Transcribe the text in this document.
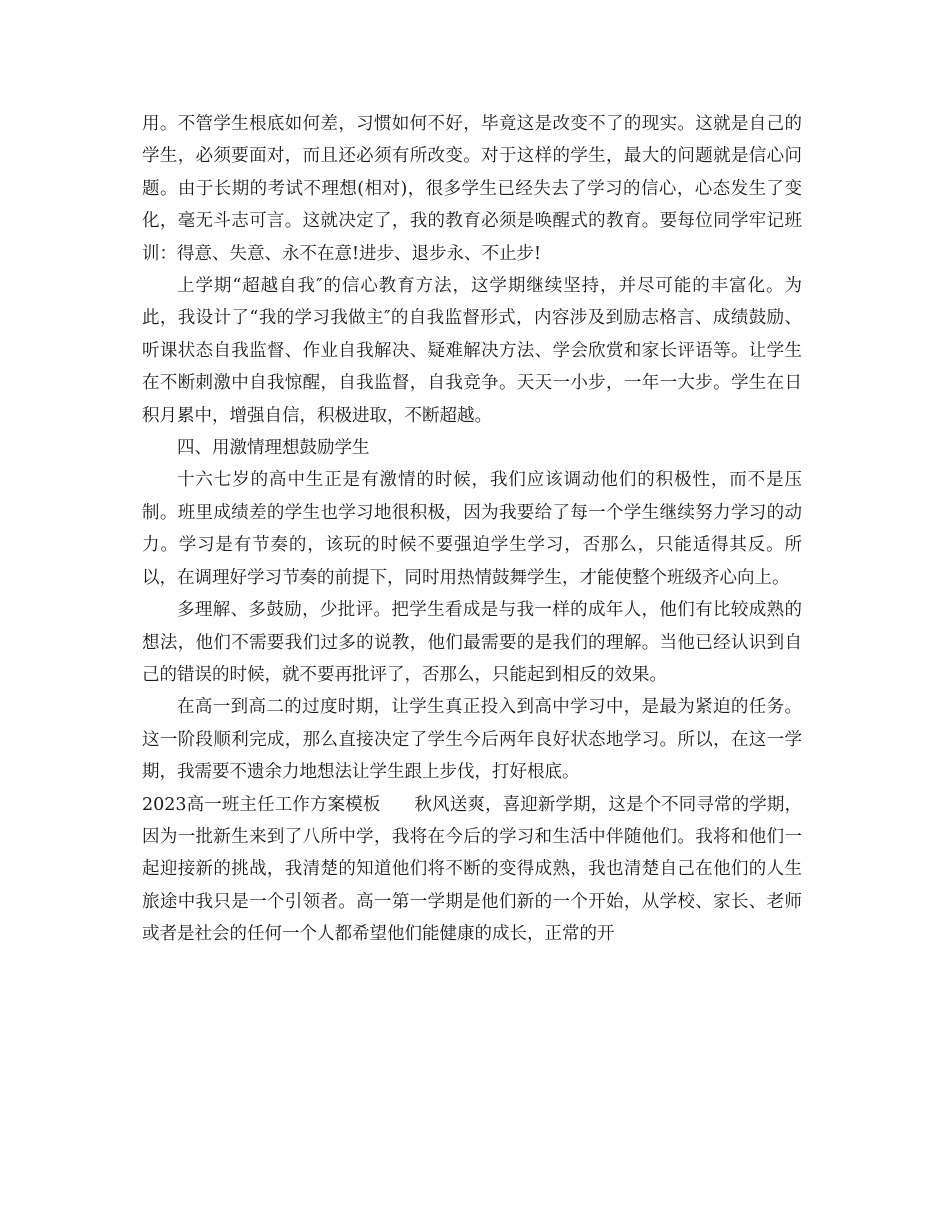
用。不管学生根底如何差，习惯如何不好，毕竟这是改变不了的现实。这就是自己的学生，必须要面对，而且还必须有所改变。对于这样的学生，最大的问题就是信心问题。由于长期的考试不理想(相对)，很多学生已经失去了学习的信心，心态发生了变化，毫无斗志可言。这就决定了，我的教育必须是唤醒式的教育。要每位同学牢记班训：得意、失意、永不在意!进步、退步永、不止步!

上学期“超越自我″的信心教育方法，这学期继续坚持，并尽可能的丰富化。为此，我设计了“我的学习我做主″的自我监督形式，内容涉及到励志格言、成绩鼓励、听课状态自我监督、作业自我解决、疑难解决方法、学会欣赏和家长评语等。让学生在不断刺激中自我惊醒，自我监督，自我竞争。天天一小步，一年一大步。学生在日积月累中，增强自信，积极进取，不断超越。

四、用激情理想鼓励学生

十六七岁的高中生正是有激情的时候，我们应该调动他们的积极性，而不是压制。班里成绩差的学生也学习地很积极，因为我要给了每一个学生继续努力学习的动力。学习是有节奏的，该玩的时候不要强迫学生学习，否那么，只能适得其反。所以，在调理好学习节奏的前提下，同时用热情鼓舞学生，才能使整个班级齐心向上。

多理解、多鼓励，少批评。把学生看成是与我一样的成年人，他们有比较成熟的想法，他们不需要我们过多的说教，他们最需要的是我们的理解。当他已经认识到自己的错误的时候，就不要再批评了，否那么，只能起到相反的效果。

在高一到高二的过度时期，让学生真正投入到高中学习中，是最为紧迫的任务。这一阶段顺利完成，那么直接决定了学生今后两年良好状态地学习。所以，在这一学期，我需要不遗余力地想法让学生跟上步伐，打好根底。

2023高一班主任工作方案模板 秋风送爽，喜迎新学期，这是个不同寻常的学期，因为一批新生来到了八所中学，我将在今后的学习和生活中伴随他们。我将和他们一起迎接新的挑战，我清楚的知道他们将不断的变得成熟，我也清楚自己在他们的人生旅途中我只是一个引领者。高一第一学期是他们新的一个开始，从学校、家长、老师或者是社会的任何一个人都希望他们能健康的成长，正常的开
